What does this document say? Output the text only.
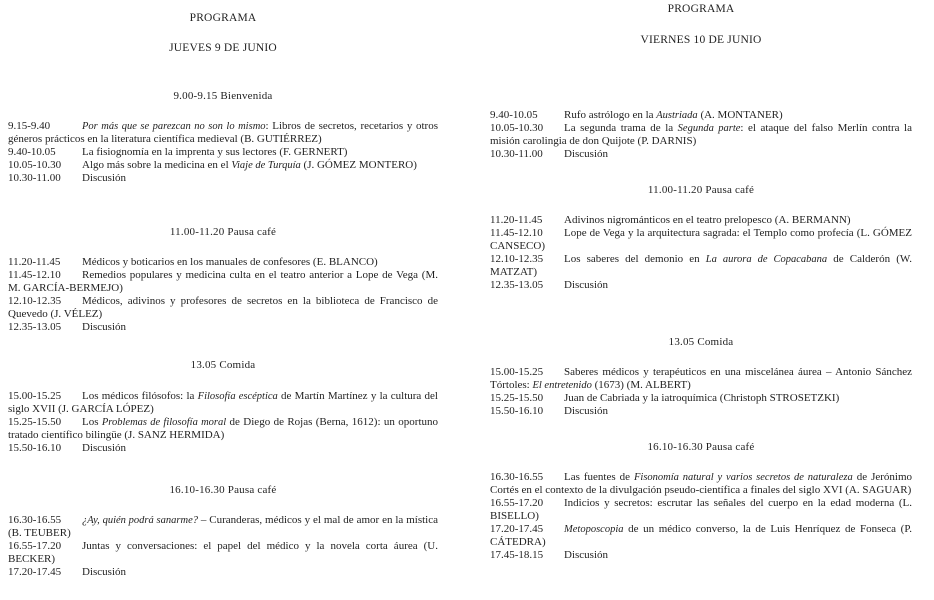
PROGRAMA
JUEVES 9 DE JUNIO
9.00-9.15 Bienvenida
9.15-9.40	Por más que se parezcan no son lo mismo: Libros de secretos, recetarios y otros géneros prácticos en la literatura científica medieval (B. GUTIÉRREZ)
9.40-10.05 La fisiognomía en la imprenta y sus lectores (F. GERNERT)
10.05-10.30 Algo más sobre la medicina en el Viaje de Turquía (J. GÓMEZ MONTERO)
10.30-11.00 Discusión
11.00-11.20 Pausa café
11.20-11.45 Médicos y boticarios en los manuales de confesores (E. BLANCO)
11.45-12.10 Remedios populares y medicina culta en el teatro anterior a Lope de Vega (M. M. GARCÍA-BERMEJO)
12.10-12.35 Médicos, adivinos y profesores de secretos en la biblioteca de Francisco de Quevedo (J. VÉLEZ)
12.35-13.05 Discusión
13.05 Comida
15.00-15.25 Los médicos filósofos: la Filosofía escéptica de Martín Martínez y la cultura del siglo XVII (J. GARCÍA LÓPEZ)
15.25-15.50 Los Problemas de filosofía moral de Diego de Rojas (Berna, 1612): un oportuno tratado científico bilingüe (J. SANZ HERMIDA)
15.50-16.10 Discusión
16.10-16.30 Pausa café
16.30-16.55 ¿Ay, quién podrá sanarme? – Curanderas, médicos y el mal de amor en la mística (B. TEUBER)
16.55-17.20 Juntas y conversaciones: el papel del médico y la novela corta áurea (U. BECKER)
17.20-17.45 Discusión
PROGRAMA
VIERNES 10 DE JUNIO
9.40-10.05 Rufo astrólogo en la Austriada (A. MONTANER)
10.05-10.30 La segunda trama de la Segunda parte: el ataque del falso Merlín contra la misión carolingia de don Quijote (P. DARNIS)
10.30-11.00 Discusión
11.00-11.20 Pausa café
11.20-11.45 Adivinos nigrománticos en el teatro prelopesco (A. BERMANN)
11.45-12.10 Lope de Vega y la arquitectura sagrada: el Templo como profecía (L. GÓMEZ CANSECO)
12.10-12.35 Los saberes del demonio en La aurora de Copacabana de Calderón (W. MATZAT)
12.35-13.05 Discusión
13.05 Comida
15.00-15.25 Saberes médicos y terapéuticos en una miscelánea áurea – Antonio Sánchez Tórtoles: El entretenido (1673) (M. ALBERT)
15.25-15.50 Juan de Cabriada y la iatroquímica (Christoph STROSETZKI)
15.50-16.10 Discusión
16.10-16.30 Pausa café
16.30-16.55 Las fuentes de Fisonomía natural y varios secretos de naturaleza de Jerónimo Cortés en el contexto de la divulgación pseudo-científica a finales del siglo XVI (A. SAGUAR)
16.55-17.20 Indicios y secretos: escrutar las señales del cuerpo en la edad moderna (L. BISELLO)
17.20-17.45 Metoposcopia de un médico converso, la de Luis Henríquez de Fonseca (P. CÁTEDRA)
17.45-18.15 Discusión
